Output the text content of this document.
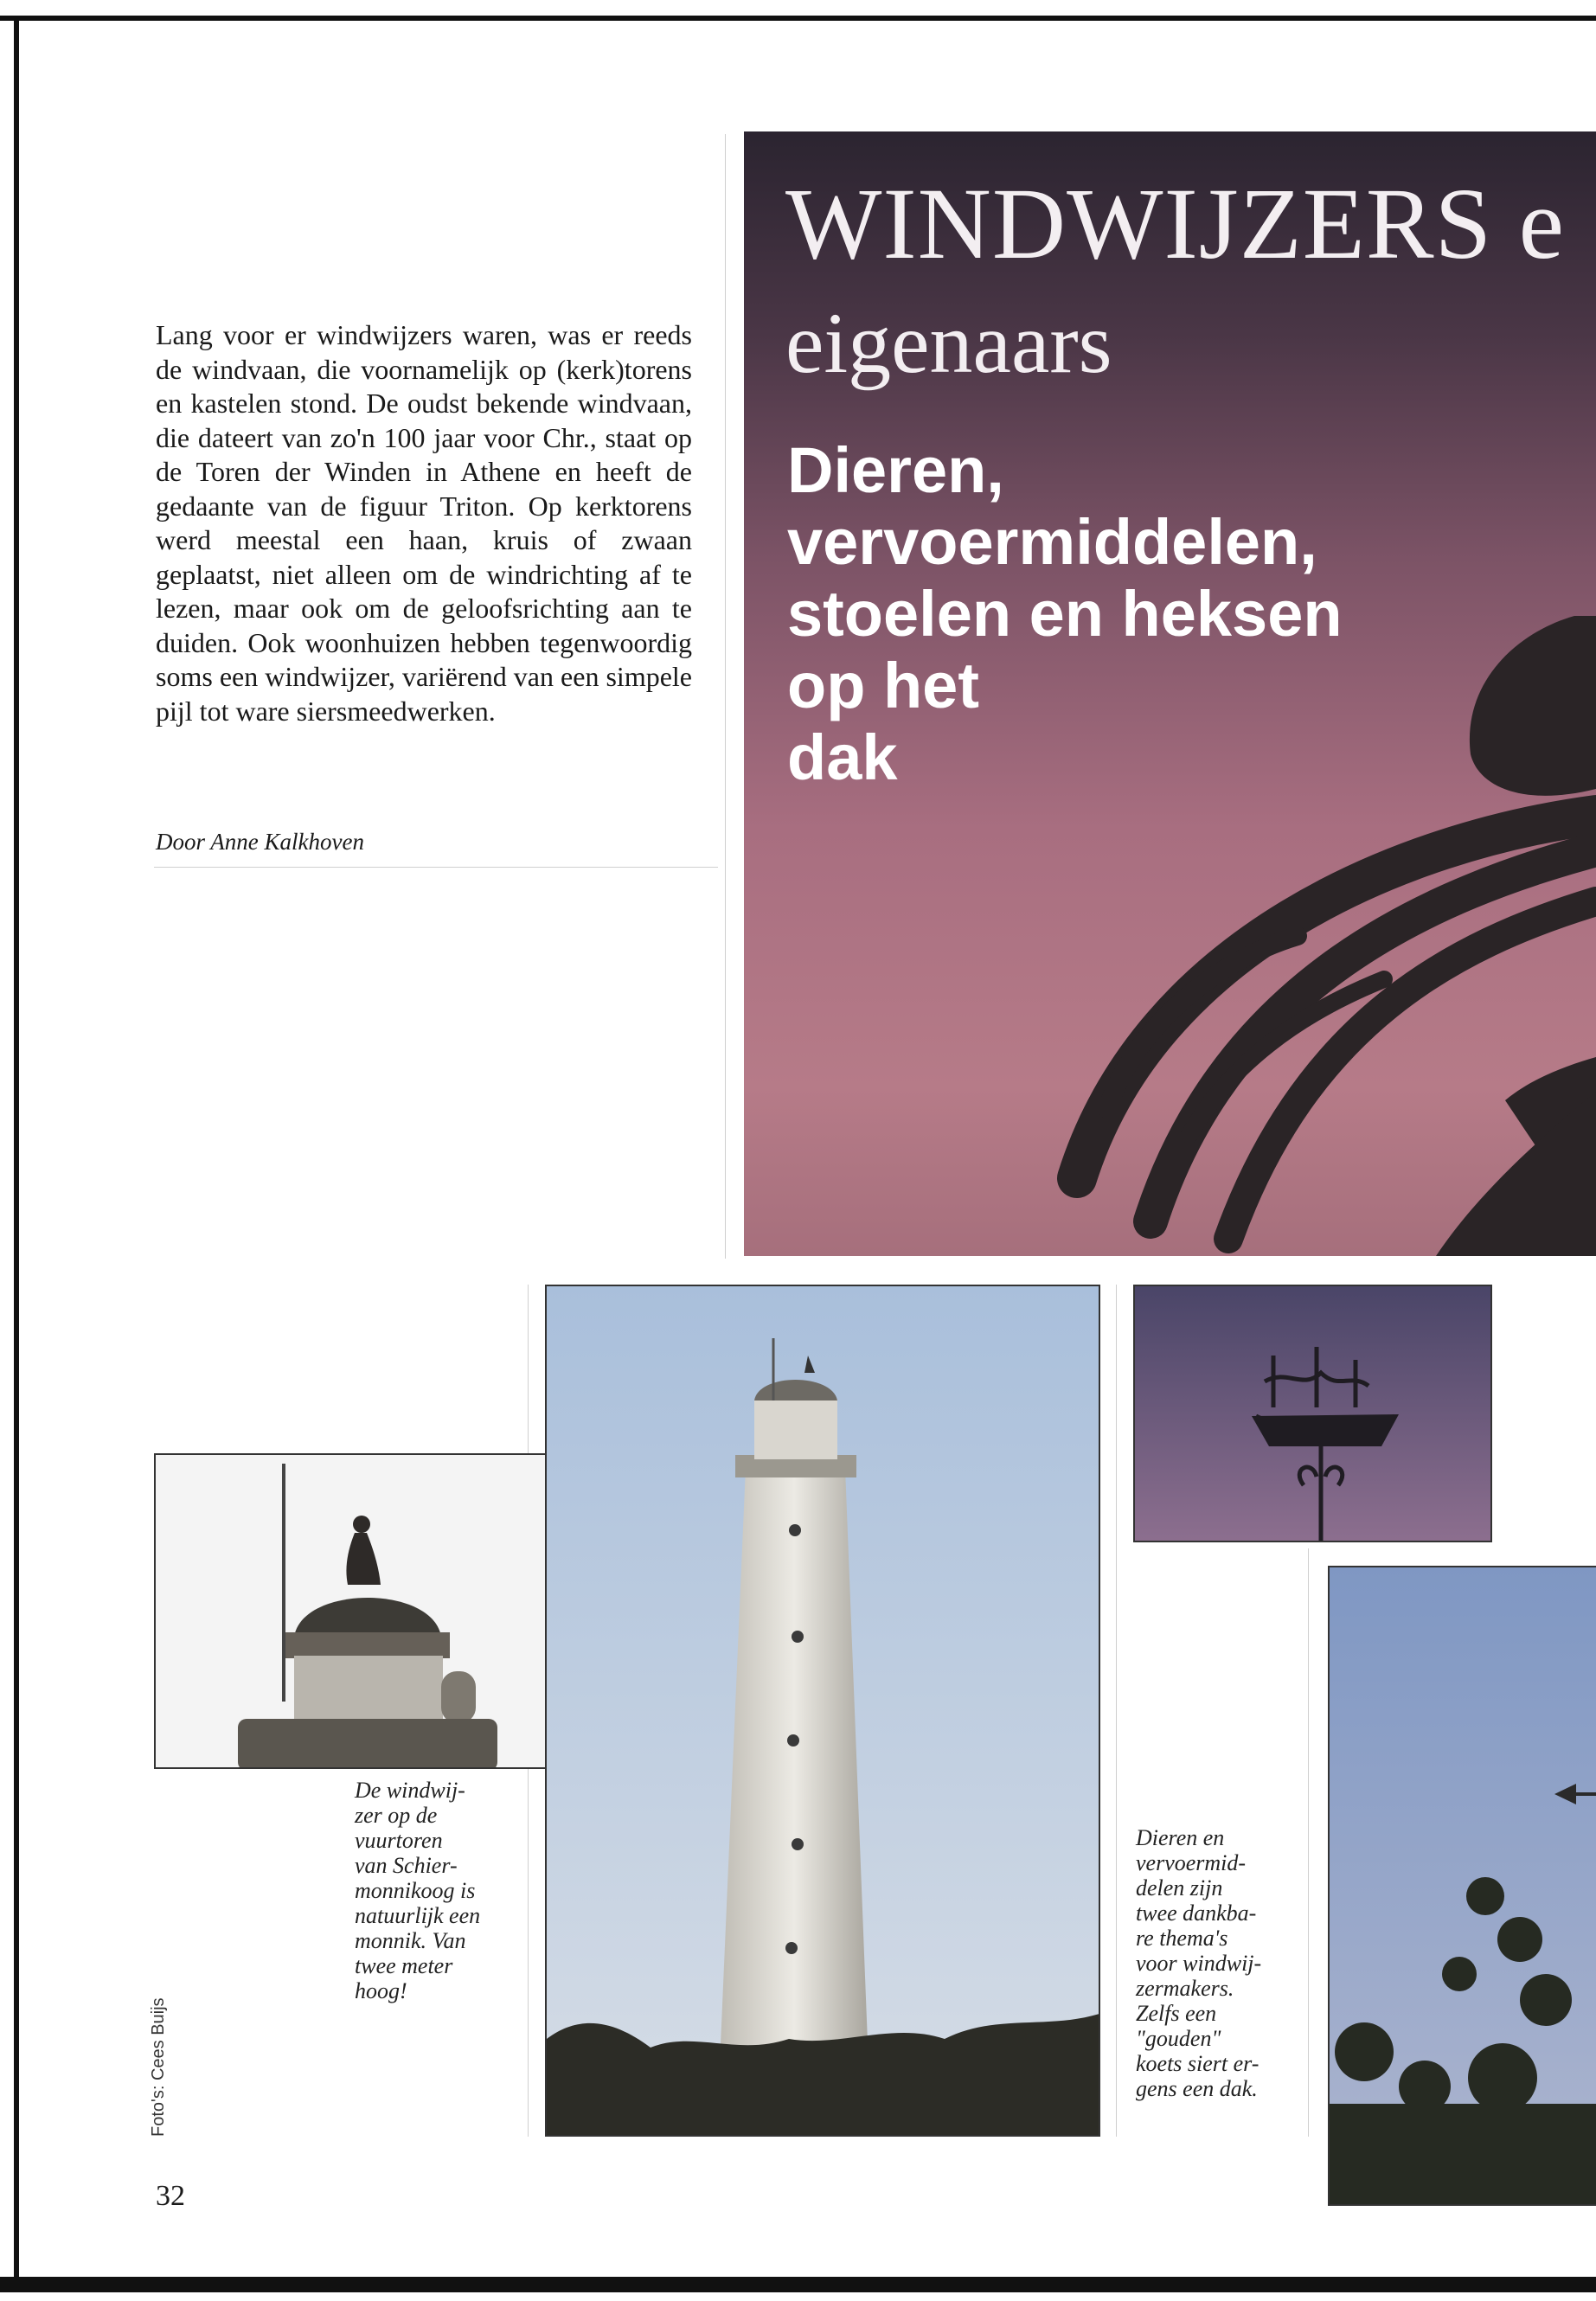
Lang voor er windwijzers waren, was er reeds de windvaan, die voornamelijk op (kerk)torens en kastelen stond. De oudst bekende windvaan, die dateert van zo'n 100 jaar voor Chr., staat op de Toren der Winden in Athene en heeft de gedaante van de figuur Triton. Op kerktorens werd meestal een haan, kruis of zwaan geplaatst, niet alleen om de windrichting af te lezen, maar ook om de geloofsrichting aan te duiden. Ook woonhuizen hebben tegenwoordig soms een windwijzer, variërend van een simpele pijl tot ware siersmeedwerken.

Door Anne Kalkhoven

WINDWIJZERS e
eigenaars
Dieren,
vervoermiddelen,
stoelen en heksen
op het
dak

De windwij-

zer op de

vuurtoren

van Schier-

monnikoog is

natuurlijk een

monnik. Van

twee meter

hoog!

Dieren en

vervoermid-

delen zijn

twee dankba-

re thema's

voor windwij-

zermakers.

Zelfs een

"gouden"

koets siert er-

gens een dak.

Foto's: Cees Buijs
32
